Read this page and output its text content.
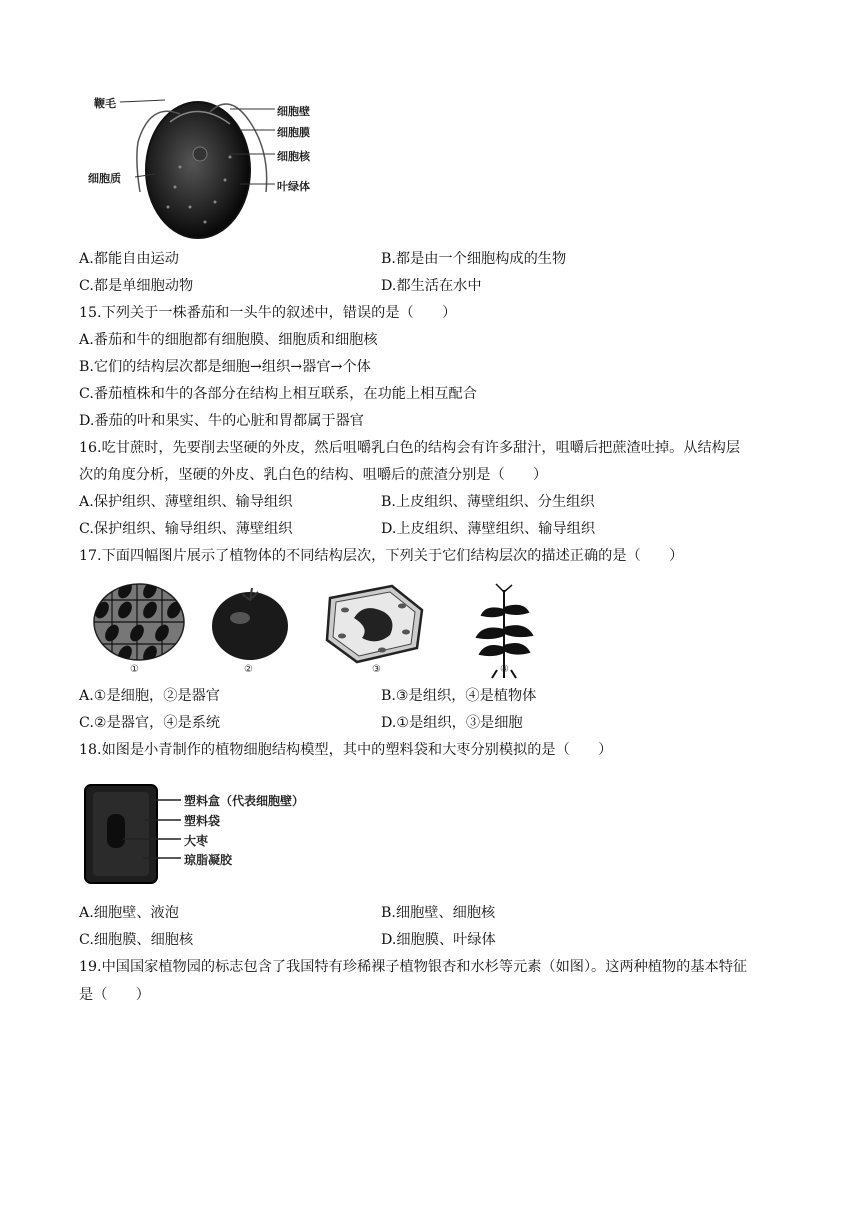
鞭毛
细胞壁
细胞膜
细胞核
细胞质
叶绿体
A.都能自由运动	B.都是由一个细胞构成的生物
C.都是单细胞动物	D.都生活在水中
15.下列关于一株番茄和一头牛的叙述中，错误的是（　　）
A.番茄和牛的细胞都有细胞膜、细胞质和细胞核
B.它们的结构层次都是细胞→组织→器官→个体
C.番茄植株和牛的各部分在结构上相互联系，在功能上相互配合
D.番茄的叶和果实、牛的心脏和胃都属于器官
16.吃甘蔗时，先要削去坚硬的外皮，然后咀嚼乳白色的结构会有许多甜汁，咀嚼后把蔗渣吐掉。从结构层
次的角度分析，坚硬的外皮、乳白色的结构、咀嚼后的蔗渣分别是（　　）
A.保护组织、薄壁组织、输导组织	B.上皮组织、薄壁组织、分生组织
C.保护组织、输导组织、薄壁组织	D.上皮组织、薄壁组织、输导组织
17.下面四幅图片展示了植物体的不同结构层次，下列关于它们结构层次的描述正确的是（　　）
①	②	③	④
A.①是细胞，②是器官	B.③是组织，④是植物体
C.②是器官，④是系统	D.①是组织，③是细胞
18.如图是小青制作的植物细胞结构模型，其中的塑料袋和大枣分别模拟的是（　　）
塑料盒（代表细胞壁）
塑料袋
大枣
琼脂凝胶
A.细胞壁、液泡	B.细胞壁、细胞核
C.细胞膜、细胞核	D.细胞膜、叶绿体
19.中国国家植物园的标志包含了我国特有珍稀裸子植物银杏和水杉等元素（如图）。这两种植物的基本特征
是（　　）
